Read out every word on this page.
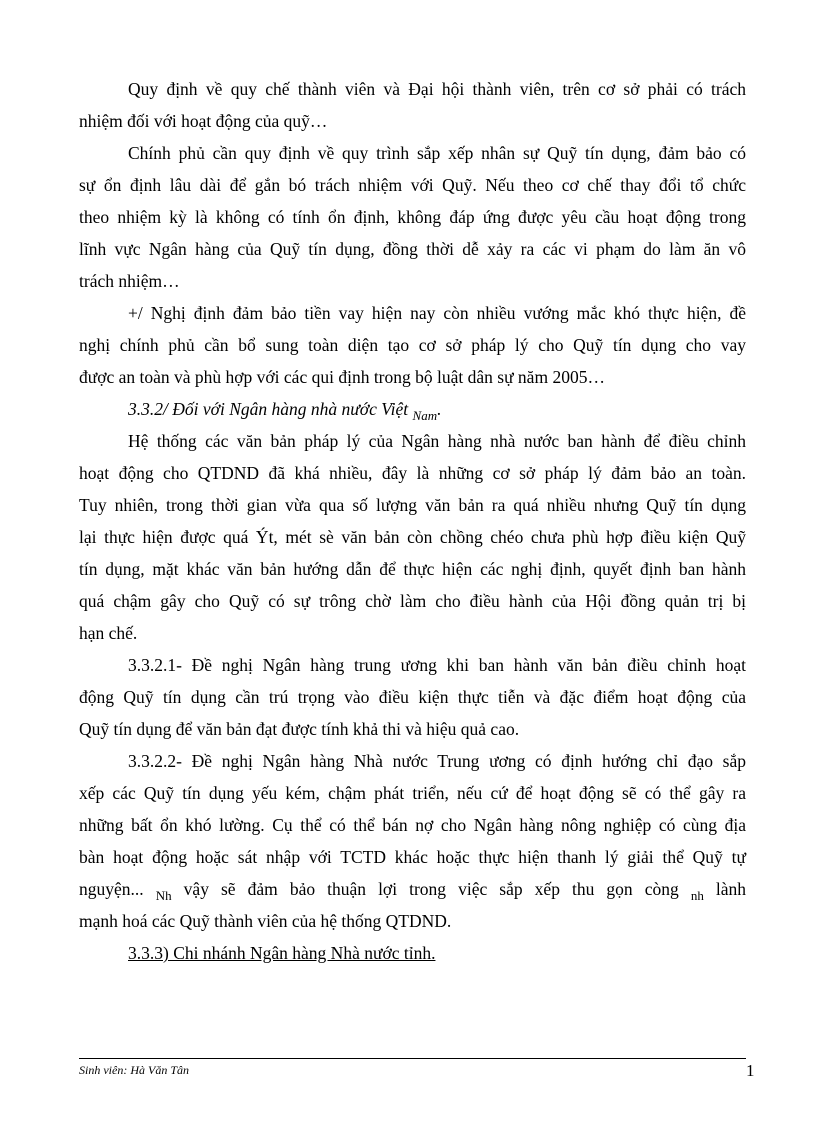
Quy định về quy chế thành viên và Đại hội thành viên, trên cơ sở phải có trách
nhiệm đối với hoạt động của quỹ…
Chính phủ cần quy định về quy trình sắp xếp nhân sự Quỹ tín dụng, đảm bảo có
sự ổn định lâu dài để gắn bó trách nhiệm với Quỹ. Nếu theo cơ chế thay đổi tổ chức
theo nhiệm kỳ là không có tính ổn định, không đáp ứng được yêu cầu hoạt động trong
lĩnh vực Ngân hàng của Quỹ tín dụng, đồng thời dễ xảy ra các vi phạm do làm ăn vô
trách nhiệm…
+/ Nghị định đảm bảo tiền vay hiện nay còn nhiều vướng mắc khó thực hiện, đề
nghị chính phủ cần bổ sung toàn diện tạo cơ sở pháp lý cho Quỹ tín dụng cho vay
được an toàn và phù hợp với các qui định trong bộ luật dân sự năm 2005…
3.3.2/ Đối với Ngân hàng nhà nước Việt $_{Nam}$.
Hệ thống các văn bản pháp lý của Ngân hàng nhà nước ban hành để điều chỉnh
hoạt động cho QTDND đã khá nhiều, đây là những cơ sở pháp lý đảm bảo an toàn.
Tuy nhiên, trong thời gian vừa qua số lượng văn bản ra quá nhiều nhưng Quỹ tín dụng
lại thực hiện được quá Ýt, mét sè văn bản còn chồng chéo chưa phù hợp điều kiện Quỹ
tín dụng, mặt khác văn bản hướng dẫn để thực hiện các nghị định, quyết định ban hành
quá chậm gây cho Quỹ có sự trông chờ làm cho điều hành của Hội đồng quản trị bị
hạn chế.
3.3.2.1- Đề nghị Ngân hàng trung ương khi ban hành văn bản điều chỉnh hoạt
động Quỹ tín dụng cần trú trọng vào điều kiện thực tiễn và đặc điểm hoạt động của
Quỹ tín dụng để văn bản đạt được tính khả thi và hiệu quả cao.
3.3.2.2- Đề nghị Ngân hàng Nhà nước Trung ương có định hướng chỉ đạo sắp
xếp các Quỹ tín dụng yếu kém, chậm phát triển, nếu cứ để hoạt động sẽ có thể gây ra
những bất ổn khó lường. Cụ thể có thể bán nợ cho Ngân hàng nông nghiệp có cùng địa
bàn hoạt động hoặc sát nhập với TCTD khác hoặc thực hiện thanh lý giải thể Quỹ tự
nguyện... $_{Nh}$ vậy sẽ đảm bảo thuận lợi trong việc sắp xếp thu gọn còng $_{nh}$ lành
mạnh hoá các Quỹ thành viên của hệ thống QTDND.
3.3.3) Chi nhánh Ngân hàng Nhà nước tỉnh.
Sinh viên: Hà Văn Tân	1
